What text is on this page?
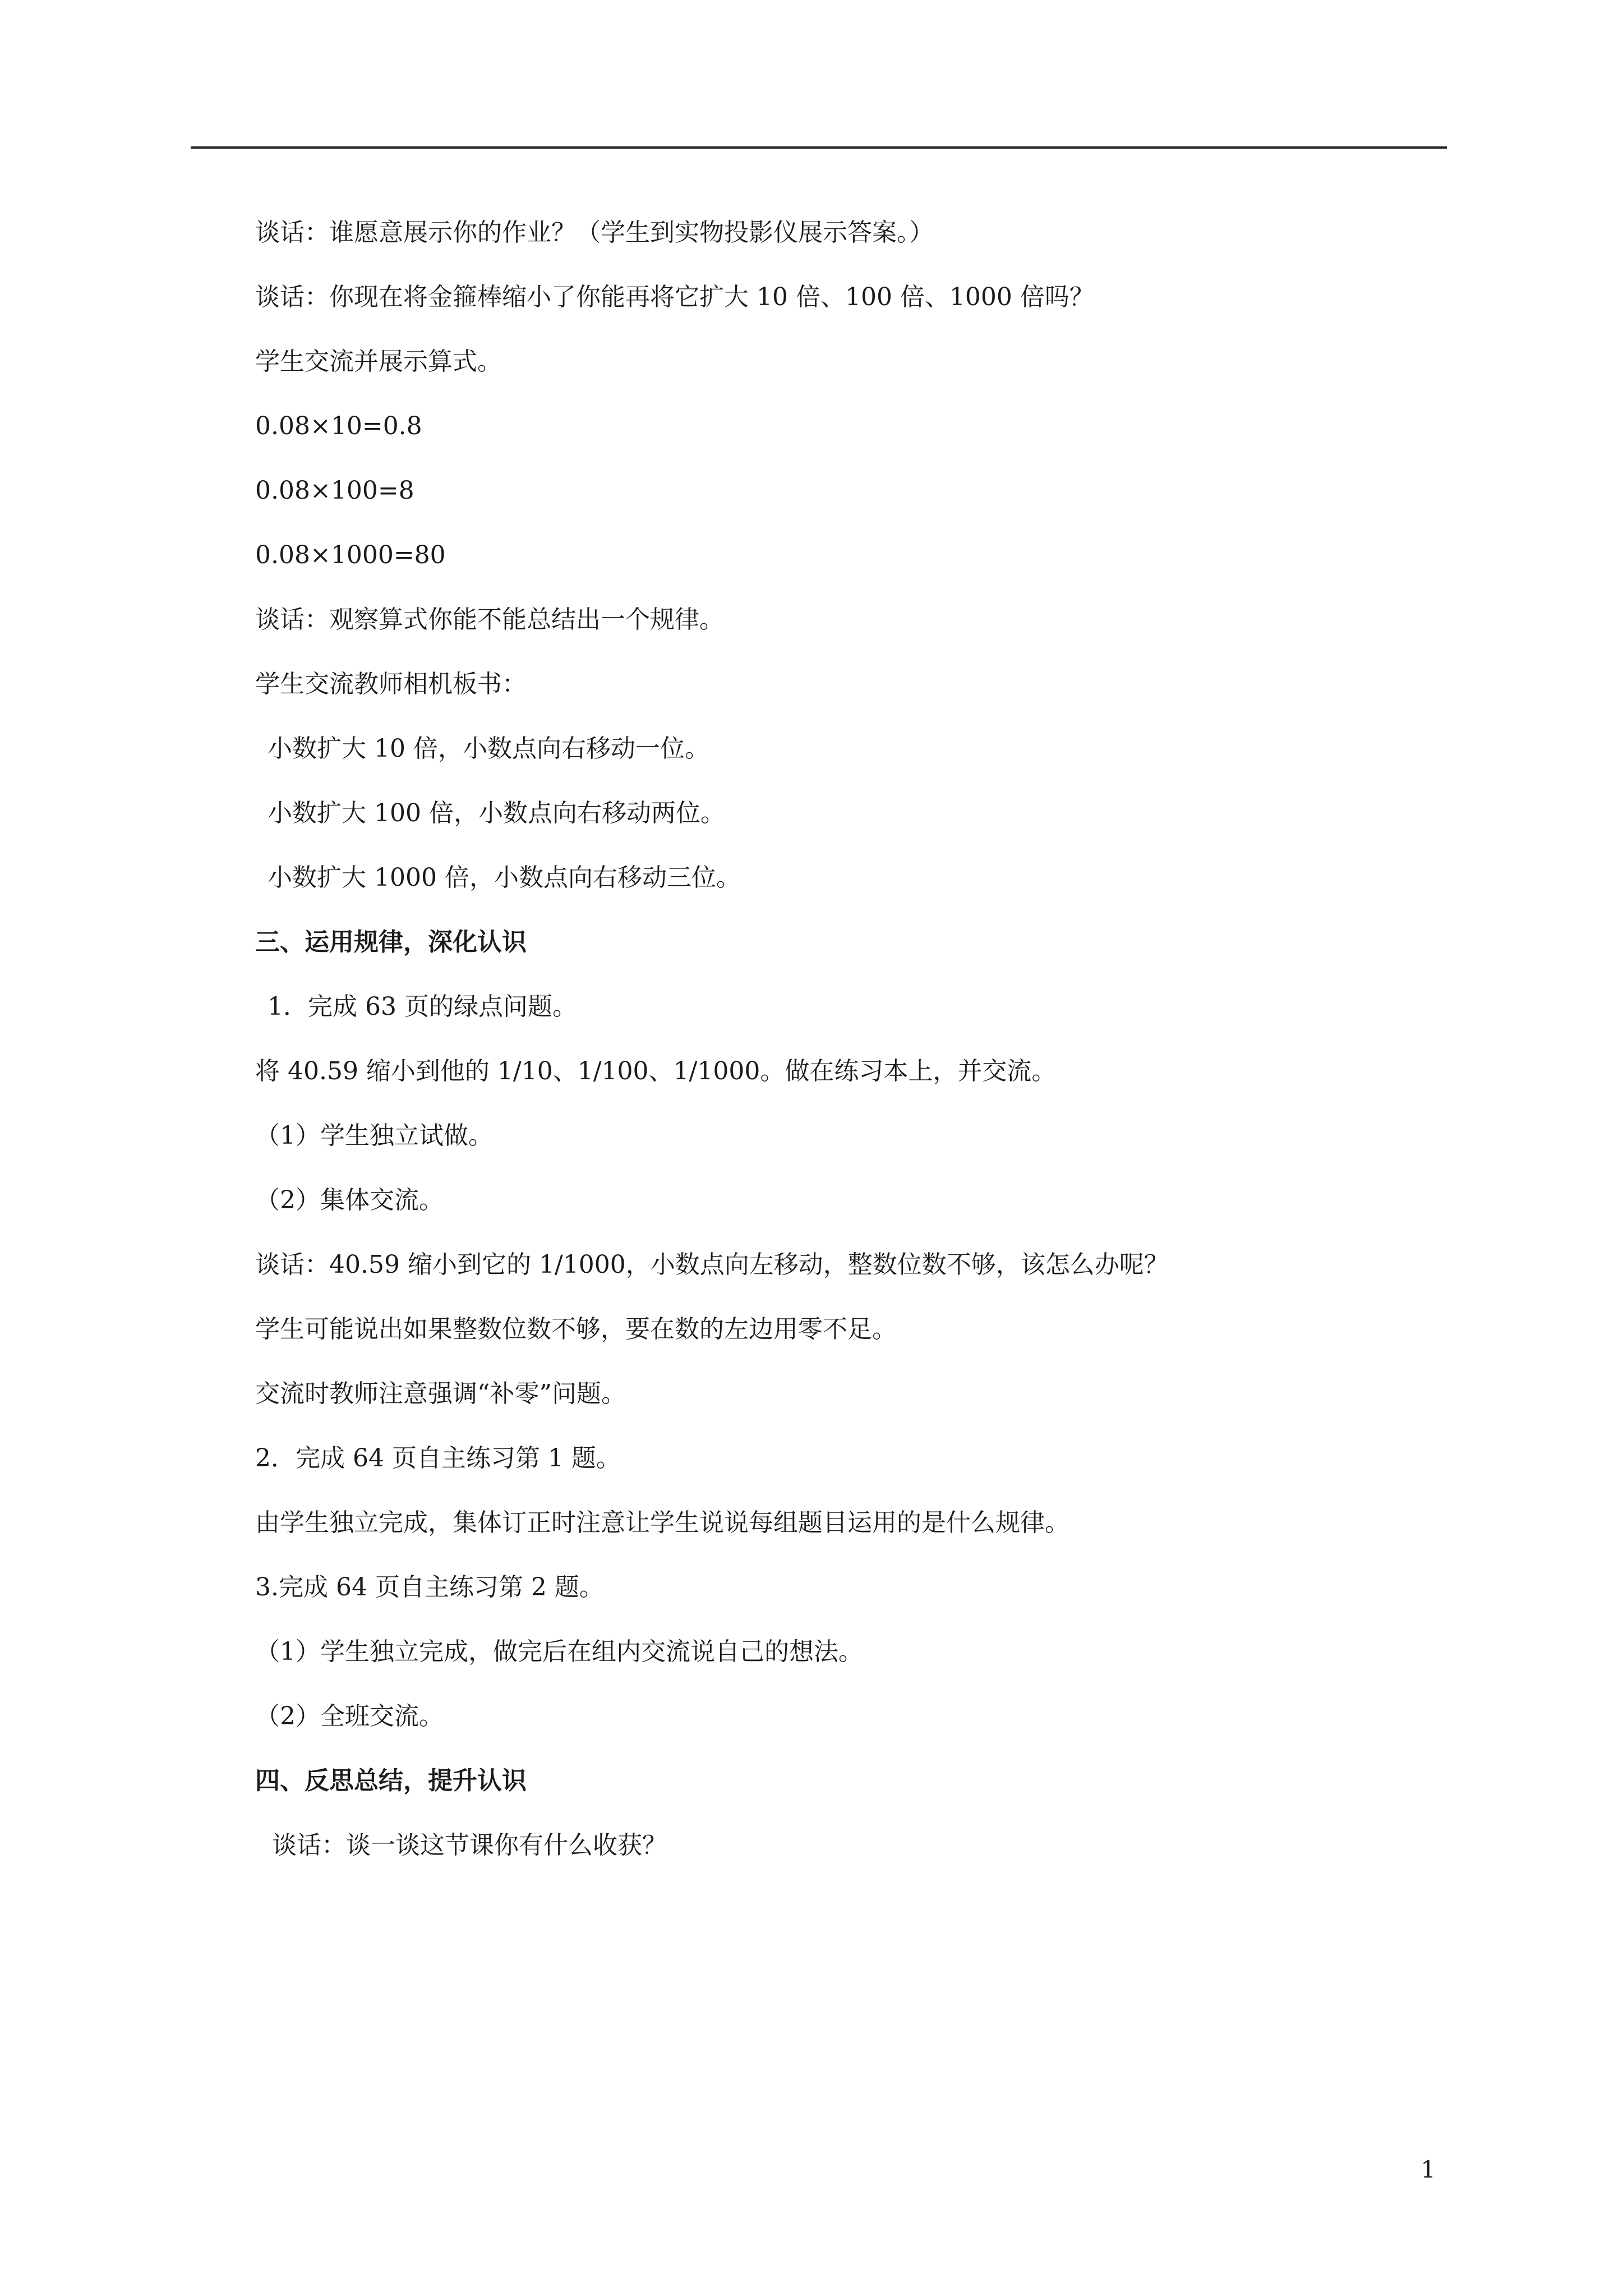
谈话：谁愿意展示你的作业？（学生到实物投影仪展示答案。）
谈话：你现在将金箍棒缩小了你能再将它扩大 10 倍、100 倍、1000 倍吗？
学生交流并展示算式。
0.08×10=0.8
0.08×100=8
0.08×1000=80
谈话：观察算式你能不能总结出一个规律。
学生交流教师相机板书：
小数扩大 10 倍，小数点向右移动一位。
小数扩大 100 倍，小数点向右移动两位。
小数扩大 1000 倍，小数点向右移动三位。
三、运用规律，深化认识
1．完成 63 页的绿点问题。
将 40.59 缩小到他的 1/10、1/100、1/1000。做在练习本上，并交流。
（1）学生独立试做。
（2）集体交流。
谈话：40.59 缩小到它的 1/1000，小数点向左移动，整数位数不够，该怎么办呢？
学生可能说出如果整数位数不够，要在数的左边用零不足。
交流时教师注意强调“补零”问题。
2．完成 64 页自主练习第 1 题。
由学生独立完成，集体订正时注意让学生说说每组题目运用的是什么规律。
3.完成 64 页自主练习第 2 题。
（1）学生独立完成，做完后在组内交流说自己的想法。
（2）全班交流。
四、反思总结，提升认识
谈话：谈一谈这节课你有什么收获？
1
